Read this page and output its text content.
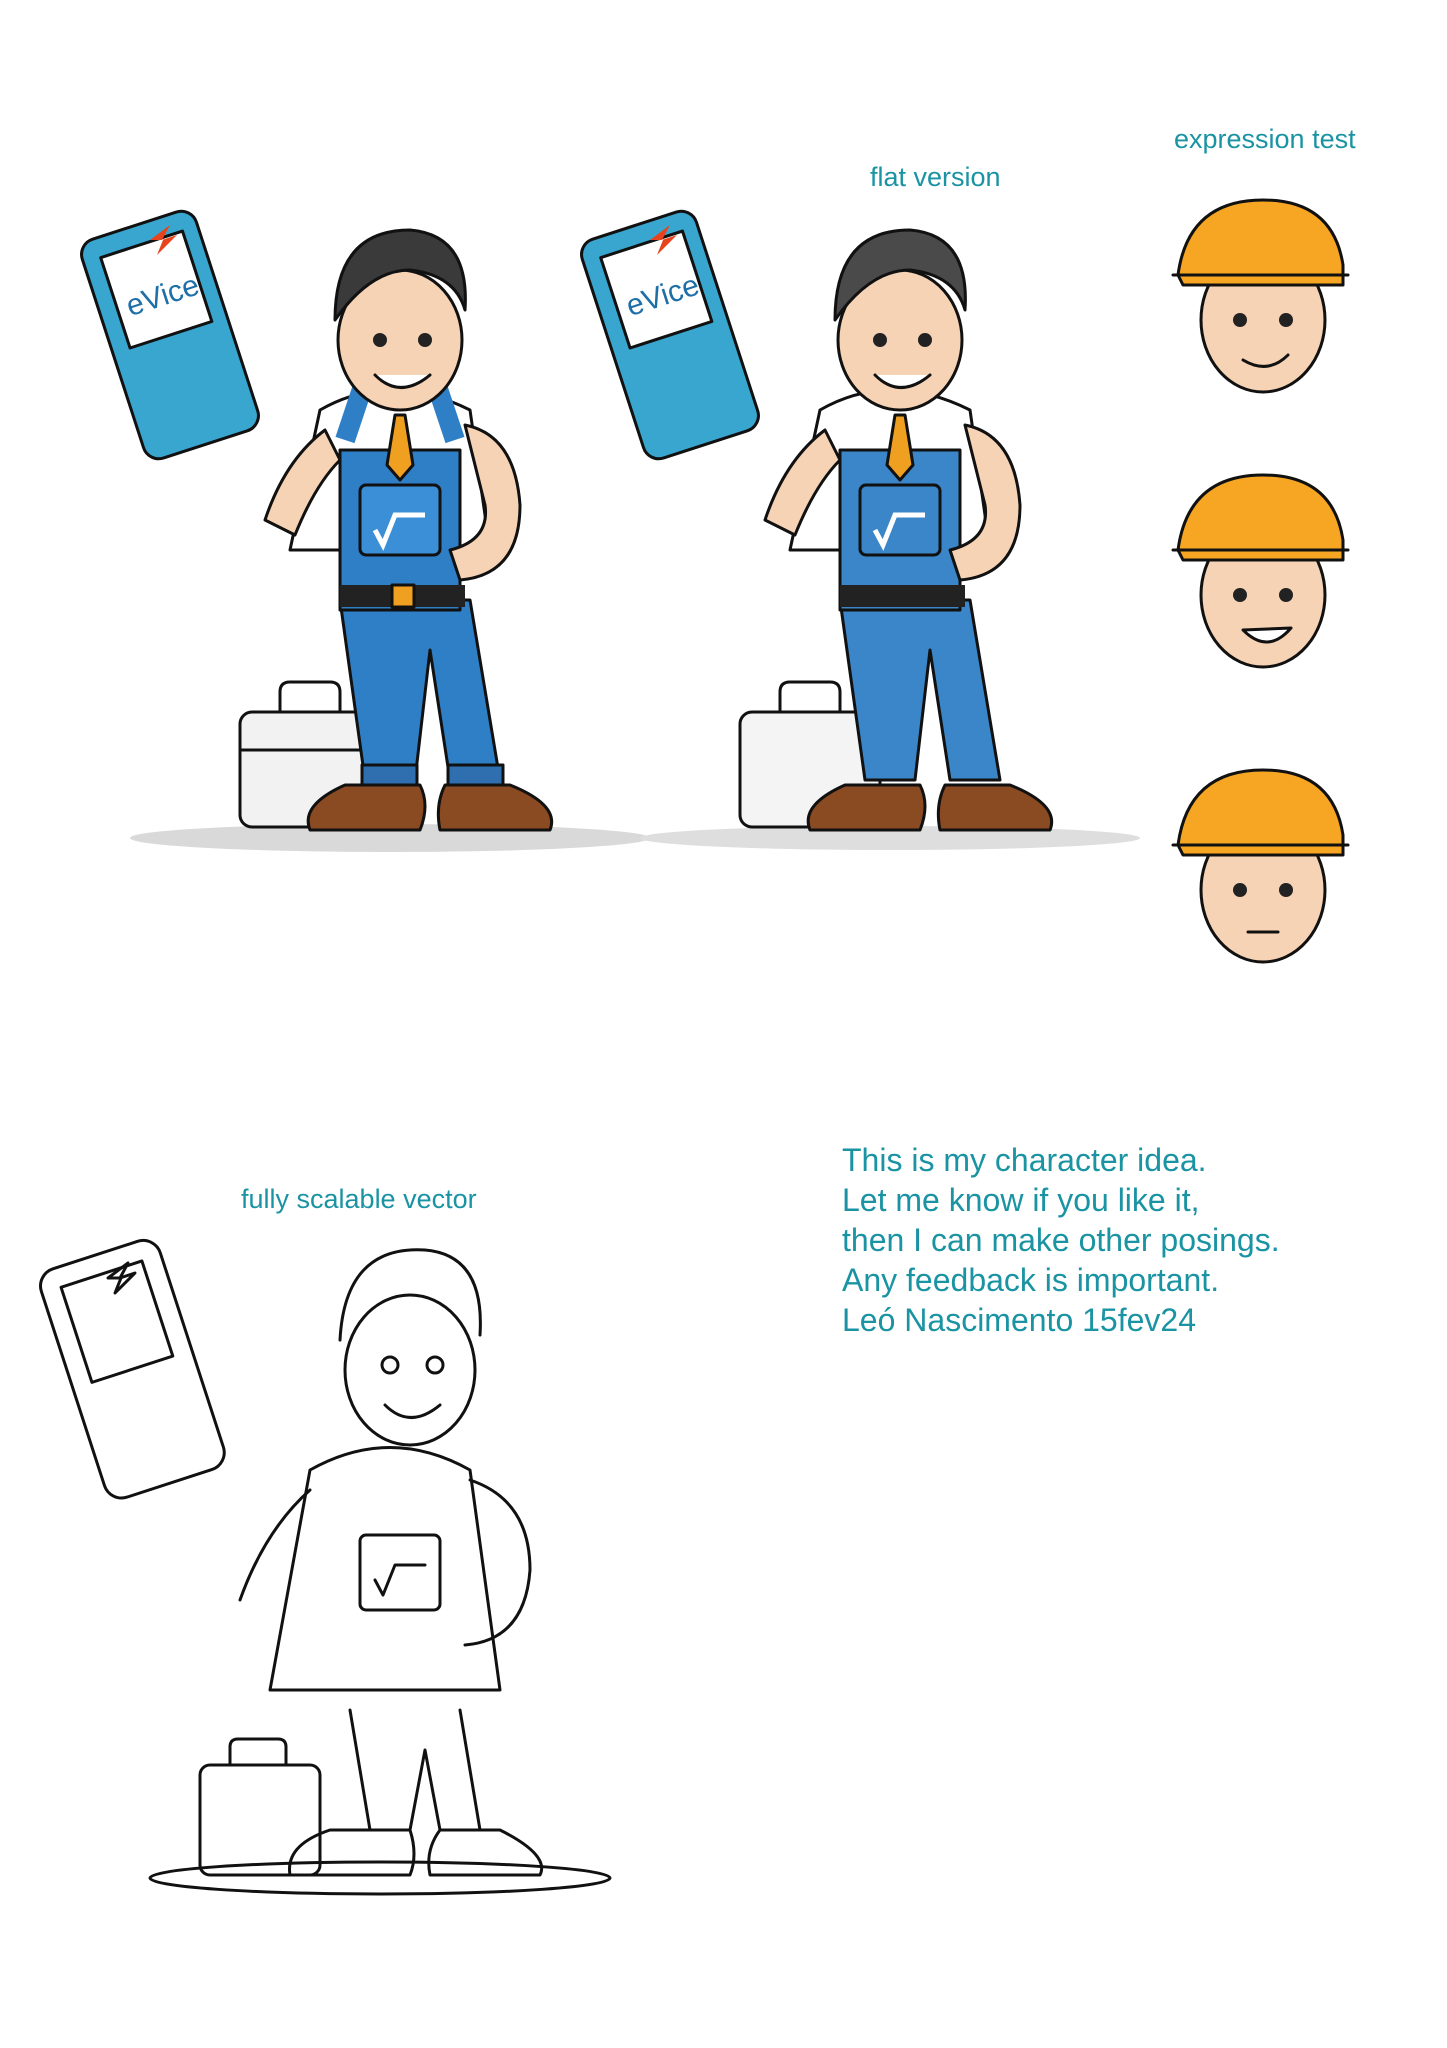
flat version
expression test
fully scalable vector
This is my character idea.
Let me know if you like it,
then I can make other posings.
Any feedback is important.
Leó Nascimento 15fev24
eVice	eVice
